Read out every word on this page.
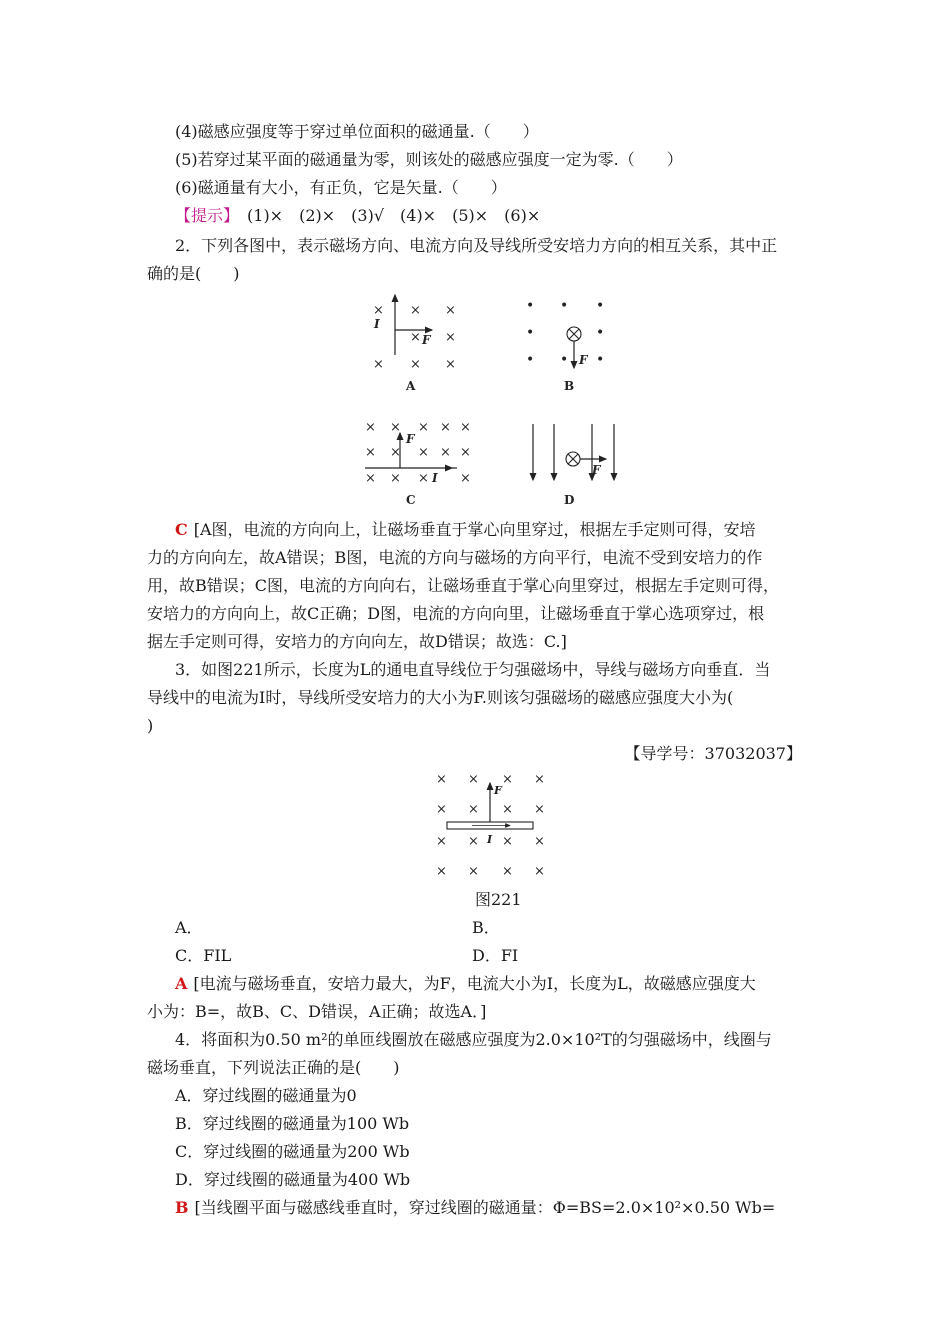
(4)磁感应强度等于穿过单位面积的磁通量.（　　）
(5)若穿过某平面的磁通量为零，则该处的磁感应强度一定为零.（　　）
(6)磁通量有大小，有正负，它是矢量.（　　）
【提示】　(1)×　(2)×　(3)√　(4)×　(5)×　(6)×
2．下列各图中，表示磁场方向、电流方向及导线所受安培力方向的相互关系，其中正
确的是(　　)
× × ×
× ×
× × ×
I
F
A
• • •
•	•
• • •
F
B
× × × × ×
× × × × ×
× × × ×
F
I
C
F
D
C [A图，电流的方向向上，让磁场垂直于掌心向里穿过，根据左手定则可得，安培
力的方向向左，故A错误；B图，电流的方向与磁场的方向平行，电流不受到安培力的作
用，故B错误；C图，电流的方向向右，让磁场垂直于掌心向里穿过，根据左手定则可得，
安培力的方向向上，故C正确；D图，电流的方向向里，让磁场垂直于掌心选项穿过，根
据左手定则可得，安培力的方向向左，故D错误；故选：C.]
3．如图221所示，长度为L的通电直导线位于匀强磁场中，导线与磁场方向垂直．当
导线中的电流为I时，导线所受安培力的大小为F.则该匀强磁场的磁感应强度大小为(
)
【导学号：37032037】
× × × ×
× × × ×
× × × ×
× × × ×
F
I
图221
A．	B．
C．FIL	D．FI
A [电流与磁场垂直，安培力最大，为F，电流大小为I，长度为L，故磁感应强度大
小为：B=，故B、C、D错误，A正确；故选A．]
4．将面积为0.50 m²的单匝线圈放在磁感应强度为2.0×10²T的匀强磁场中，线圈与
磁场垂直，下列说法正确的是(　　)
A．穿过线圈的磁通量为0
B．穿过线圈的磁通量为100 Wb
C．穿过线圈的磁通量为200 Wb
D．穿过线圈的磁通量为400 Wb
B [当线圈平面与磁感线垂直时，穿过线圈的磁通量：Φ=BS=2.0×10²×0.50 Wb=
